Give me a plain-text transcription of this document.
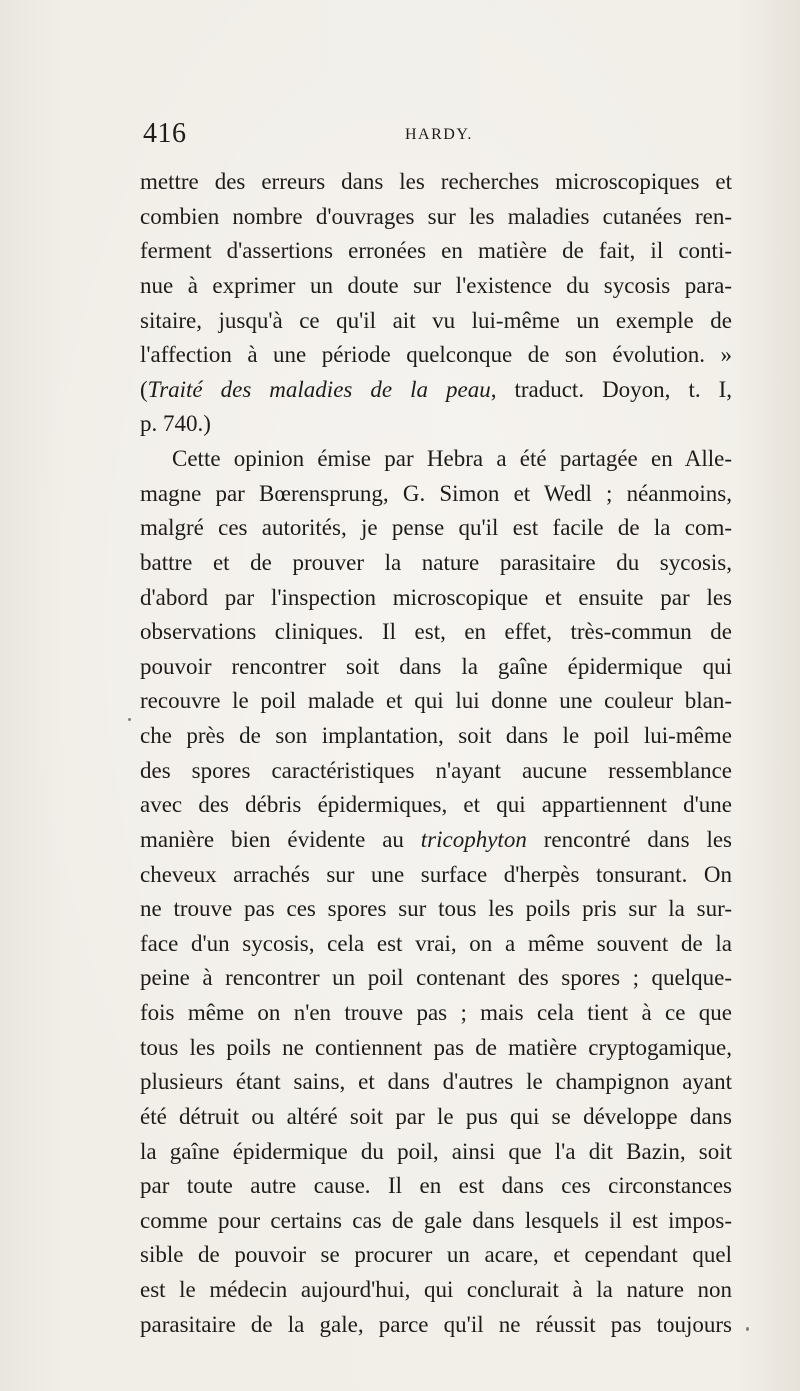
416	HARDY.
mettre des erreurs dans les recherches microscopiques et
combien nombre d'ouvrages sur les maladies cutanées ren-
ferment d'assertions erronées en matière de fait, il conti-
nue à exprimer un doute sur l'existence du sycosis para-
sitaire, jusqu'à ce qu'il ait vu lui-même un exemple de
l'affection à une période quelconque de son évolution. »
(Traité des maladies de la peau, traduct. Doyon, t. I,
p. 740.)
Cette opinion émise par Hebra a été partagée en Alle-
magne par Bœrensprung, G. Simon et Wedl ; néanmoins,
malgré ces autorités, je pense qu'il est facile de la com-
battre et de prouver la nature parasitaire du sycosis,
d'abord par l'inspection microscopique et ensuite par les
observations cliniques. Il est, en effet, très-commun de
pouvoir rencontrer soit dans la gaîne épidermique qui
recouvre le poil malade et qui lui donne une couleur blan-
che près de son implantation, soit dans le poil lui-même
des spores caractéristiques n'ayant aucune ressemblance
avec des débris épidermiques, et qui appartiennent d'une
manière bien évidente au tricophyton rencontré dans les
cheveux arrachés sur une surface d'herpès tonsurant. On
ne trouve pas ces spores sur tous les poils pris sur la sur-
face d'un sycosis, cela est vrai, on a même souvent de la
peine à rencontrer un poil contenant des spores ; quelque-
fois même on n'en trouve pas ; mais cela tient à ce que
tous les poils ne contiennent pas de matière cryptogamique,
plusieurs étant sains, et dans d'autres le champignon ayant
été détruit ou altéré soit par le pus qui se développe dans
la gaîne épidermique du poil, ainsi que l'a dit Bazin, soit
par toute autre cause. Il en est dans ces circonstances
comme pour certains cas de gale dans lesquels il est impos-
sible de pouvoir se procurer un acare, et cependant quel
est le médecin aujourd'hui, qui conclurait à la nature non
parasitaire de la gale, parce qu'il ne réussit pas toujours
